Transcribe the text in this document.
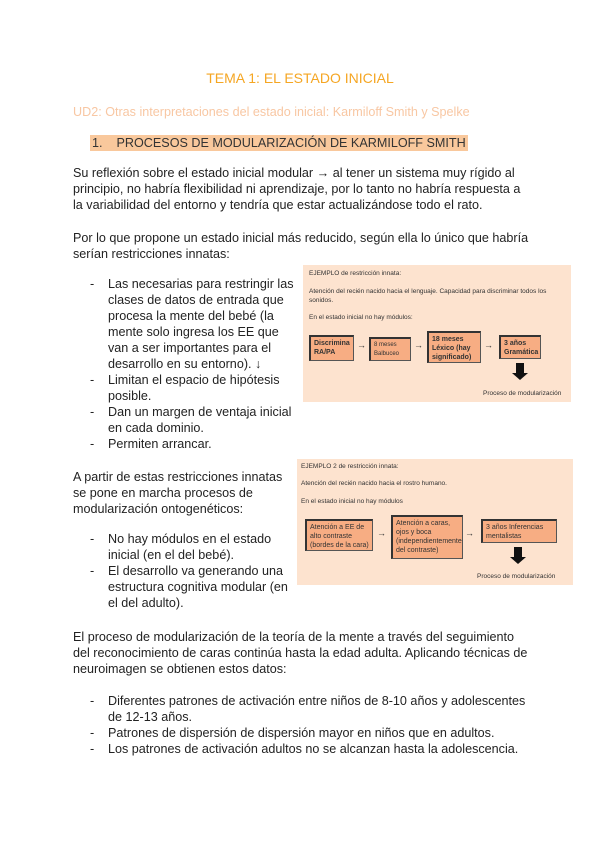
TEMA 1: EL ESTADO INICIAL
UD2: Otras interpretaciones del estado inicial: Karmiloff Smith y Spelke
1. PROCESOS DE MODULARIZACIÓN DE KARMILOFF SMITH

Su reflexión sobre el estado inicial modular → al tener un sistema muy rígido al principio, no habría flexibilidad ni aprendizaje, por lo tanto no habría respuesta a la variabilidad del entorno y tendría que estar actualizándose todo el rato.

Por lo que propone un estado inicial más reducido, según ella lo único que habría serían restricciones innatas:

- Las necesarias para restringir las clases de datos de entrada que procesa la mente del bebé (la mente solo ingresa los EE que van a ser importantes para el desarrollo en su entorno). ↓
- Limitan el espacio de hipótesis posible.
- Dan un margen de ventaja inicial en cada dominio.
- Permiten arrancar.
EJEMPLO de restricción innata:
Atención del recién nacido hacia el lenguaje. Capacidad para discriminar todos los sonidos.
En el estado inicial no hay módulos:
Discrimina RA/PA
→	8 meses Balbuceo
→
18 meses Léxico (hay significado)
→	3 años Gramática
Proceso de modularización

A partir de estas restricciones innatas se pone en marcha procesos de modularización ontogenéticos:

- No hay módulos en el estado inicial (en el del bebé).
- El desarrollo va generando una estructura cognitiva modular (en el del adulto).
EJEMPLO 2 de restricción innata:
Atención del recién nacido hacia el rostro humano.
En el estado inicial no hay módulos
Atención a EE de alto contraste (bordes de la cara)
→
Atención a caras, ojos y boca (independientemente del contraste)
→
3 años Inferencias mentalistas
Proceso de modularización

El proceso de modularización de la teoría de la mente a través del seguimiento del reconocimiento de caras continúa hasta la edad adulta. Aplicando técnicas de neuroimagen se obtienen estos datos:

- Diferentes patrones de activación entre niños de 8-10 años y adolescentes de 12-13 años.
- Patrones de dispersión de dispersión mayor en niños que en adultos.
- Los patrones de activación adultos no se alcanzan hasta la adolescencia.
